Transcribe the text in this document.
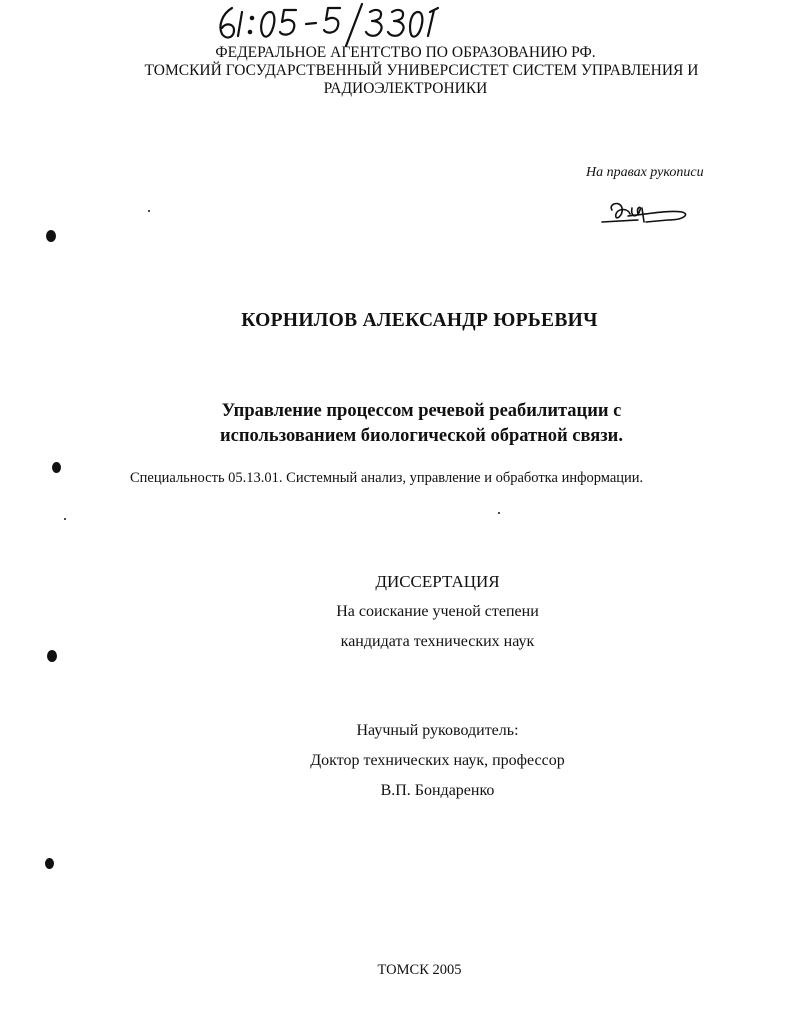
ФЕДЕРАЛЬНОЕ АГЕНТСТВО ПО ОБРАЗОВАНИЮ РФ.
ТОМСКИЙ ГОСУДАРСТВЕННЫЙ УНИВЕРСИСТЕТ СИСТЕМ УПРАВЛЕНИЯ И
РАДИОЭЛЕКТРОНИКИ
На правах рукописи
КОРНИЛОВ АЛЕКСАНДР ЮРЬЕВИЧ
Управление процессом речевой реабилитации с
использованием биологической обратной связи.
Специальность 05.13.01. Системный анализ, управление и обработка информации.
ДИССЕРТАЦИЯ
На соискание ученой степени
кандидата технических наук
Научный руководитель:
Доктор технических наук, профессор
В.П. Бондаренко
ТОМСК 2005
